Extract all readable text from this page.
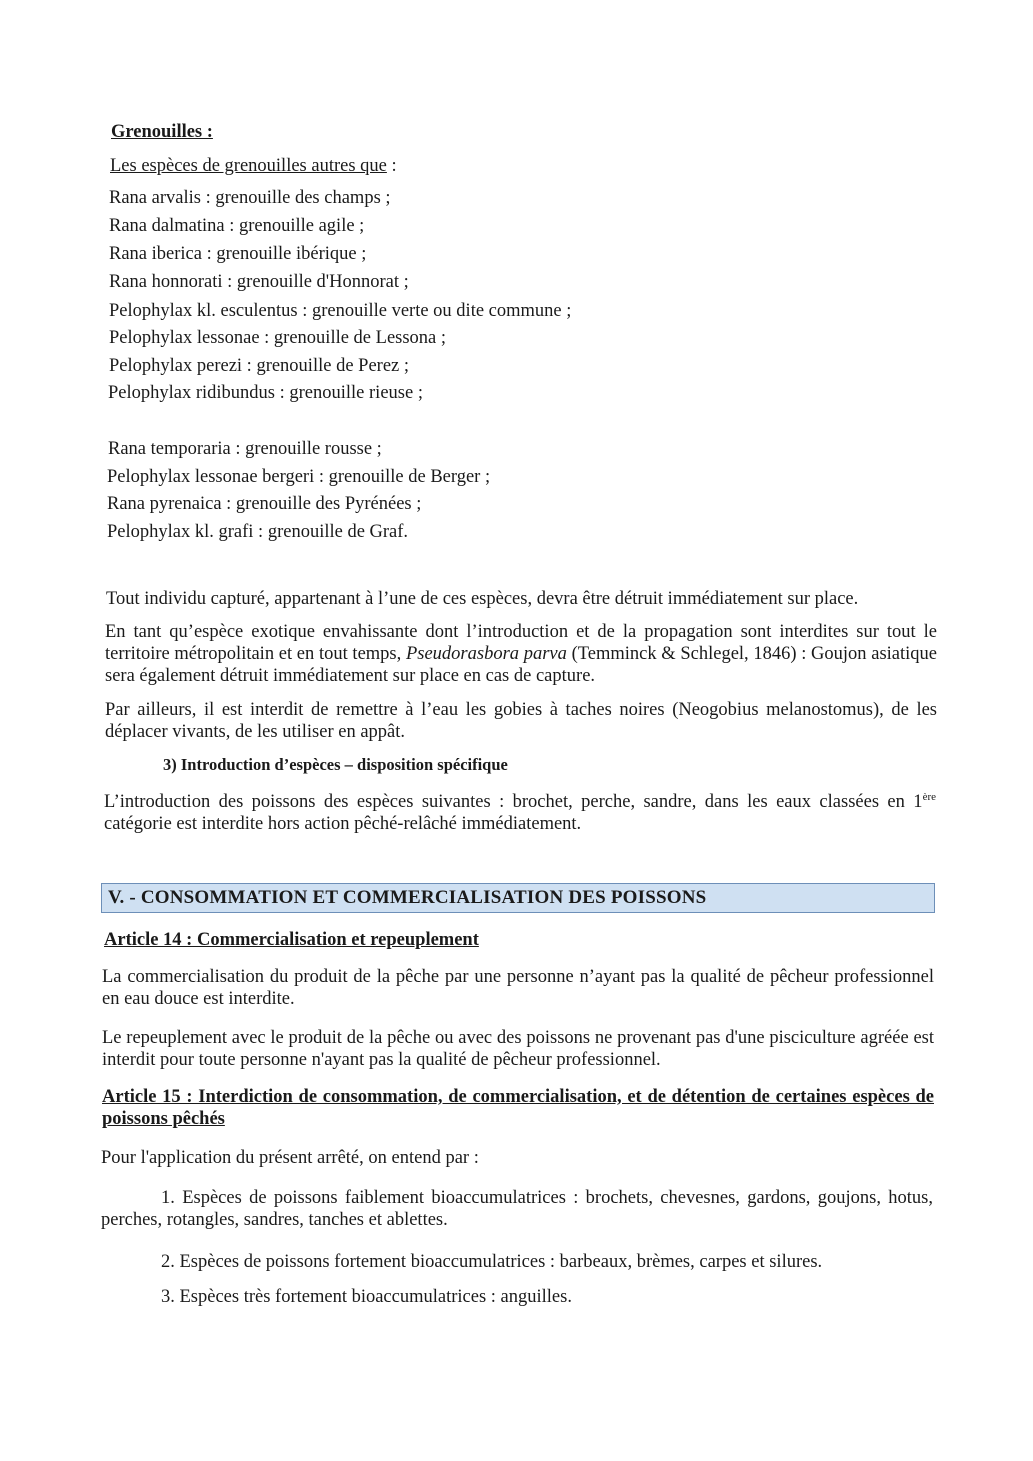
Grenouilles :
Les espèces de grenouilles autres que :
Rana arvalis : grenouille des champs ;
Rana dalmatina : grenouille agile ;
Rana iberica : grenouille ibérique ;
Rana honnorati : grenouille d'Honnorat ;
Pelophylax kl. esculentus : grenouille verte ou dite commune ;
Pelophylax lessonae : grenouille de Lessona ;
Pelophylax perezi : grenouille de Perez ;
Pelophylax ridibundus : grenouille rieuse ;
Rana temporaria : grenouille rousse ;
Pelophylax lessonae bergeri : grenouille de Berger ;
Rana pyrenaica : grenouille des Pyrénées ;
Pelophylax kl. grafi : grenouille de Graf.
Tout individu capturé, appartenant à l’une de ces espèces, devra être détruit immédiatement sur place.
En tant qu’espèce exotique envahissante dont l’introduction et de la propagation sont interdites sur tout le territoire métropolitain et en tout temps, Pseudorasbora parva (Temminck & Schlegel, 1846) : Goujon asiatique sera également détruit immédiatement sur place en cas de capture.
Par ailleurs, il est interdit de remettre à l’eau les gobies à taches noires (Neogobius melanostomus), de les déplacer vivants, de les utiliser en appât.
3) Introduction d’espèces – disposition spécifique
L’introduction des poissons des espèces suivantes : brochet, perche, sandre, dans les eaux classées en 1ère catégorie est interdite hors action pêché-relâché immédiatement.
V. - CONSOMMATION ET COMMERCIALISATION DES POISSONS
Article 14 : Commercialisation et repeuplement
La commercialisation du produit de la pêche par une personne n’ayant pas la qualité de pêcheur professionnel en eau douce est interdite.
Le repeuplement avec le produit de la pêche ou avec des poissons ne provenant pas d'une pisciculture agréée est interdit pour toute personne n'ayant pas la qualité de pêcheur professionnel.
Article 15 : Interdiction de consommation, de commercialisation, et de détention de certaines espèces de poissons pêchés
Pour l'application du présent arrêté, on entend par :
1. Espèces de poissons faiblement bioaccumulatrices : brochets, chevesnes, gardons, goujons, hotus, perches, rotangles, sandres, tanches et ablettes.
2. Espèces de poissons fortement bioaccumulatrices : barbeaux, brèmes, carpes et silures.
3. Espèces très fortement bioaccumulatrices : anguilles.
